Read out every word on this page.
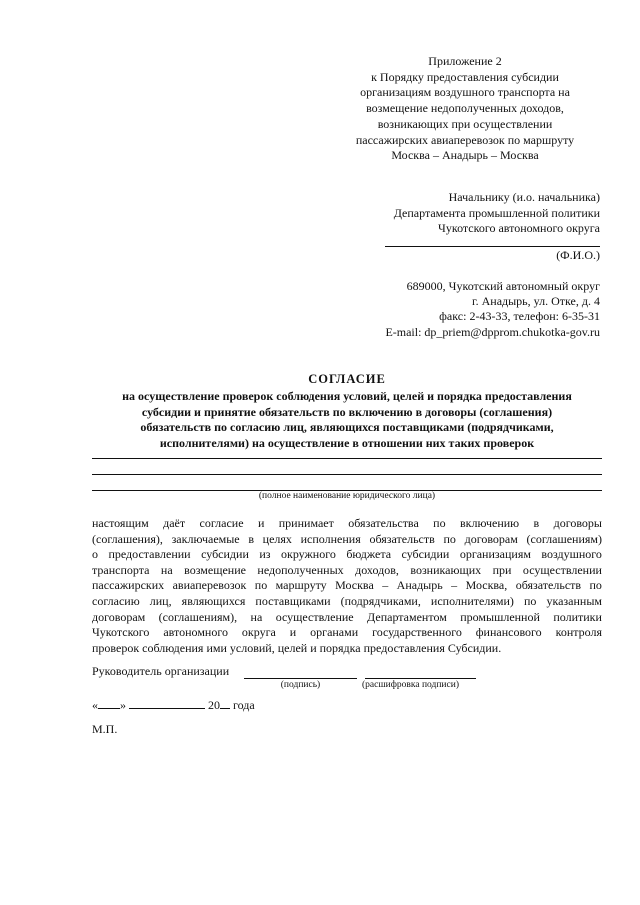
Приложение 2
к Порядку предоставления субсидии
организациям воздушного транспорта на
возмещение недополученных доходов,
возникающих при осуществлении
пассажирских авиаперевозок по маршруту
Москва – Анадырь – Москва
Начальнику (и.о. начальника)
Департамента промышленной политики
Чукотского автономного округа
(Ф.И.О.)
689000, Чукотский автономный округ
г. Анадырь, ул. Отке, д. 4
факс: 2-43-33, телефон: 6-35-31
E-mail: dp_priem@dpprom.chukotka-gov.ru
СОГЛАСИЕ
на осуществление проверок соблюдения условий, целей и порядка предоставления
субсидии и принятие обязательств по включению в договоры (соглашения)
обязательств по согласию лиц, являющихся поставщиками (подрядчиками,
исполнителями) на осуществление в отношении них таких проверок
(полное наименование юридического лица)
настоящим даёт согласие и принимает обязательства по включению в договоры
(соглашения), заключаемые в целях исполнения обязательств по договорам (соглашениям)
о предоставлении субсидии из окружного бюджета субсидии организациям воздушного
транспорта на возмещение недополученных доходов, возникающих при осуществлении
пассажирских авиаперевозок по маршруту Москва – Анадырь – Москва, обязательств по
согласию лиц, являющихся поставщиками (подрядчиками, исполнителями) по указанным
договорам (соглашениям), на осуществление Департаментом промышленной политики
Чукотского автономного округа и органами государственного финансового контроля
проверок соблюдения ими условий, целей и порядка предоставления Субсидии.
Руководитель организации
(подпись)	(расшифровка подписи)
« »	20 года
М.П.
